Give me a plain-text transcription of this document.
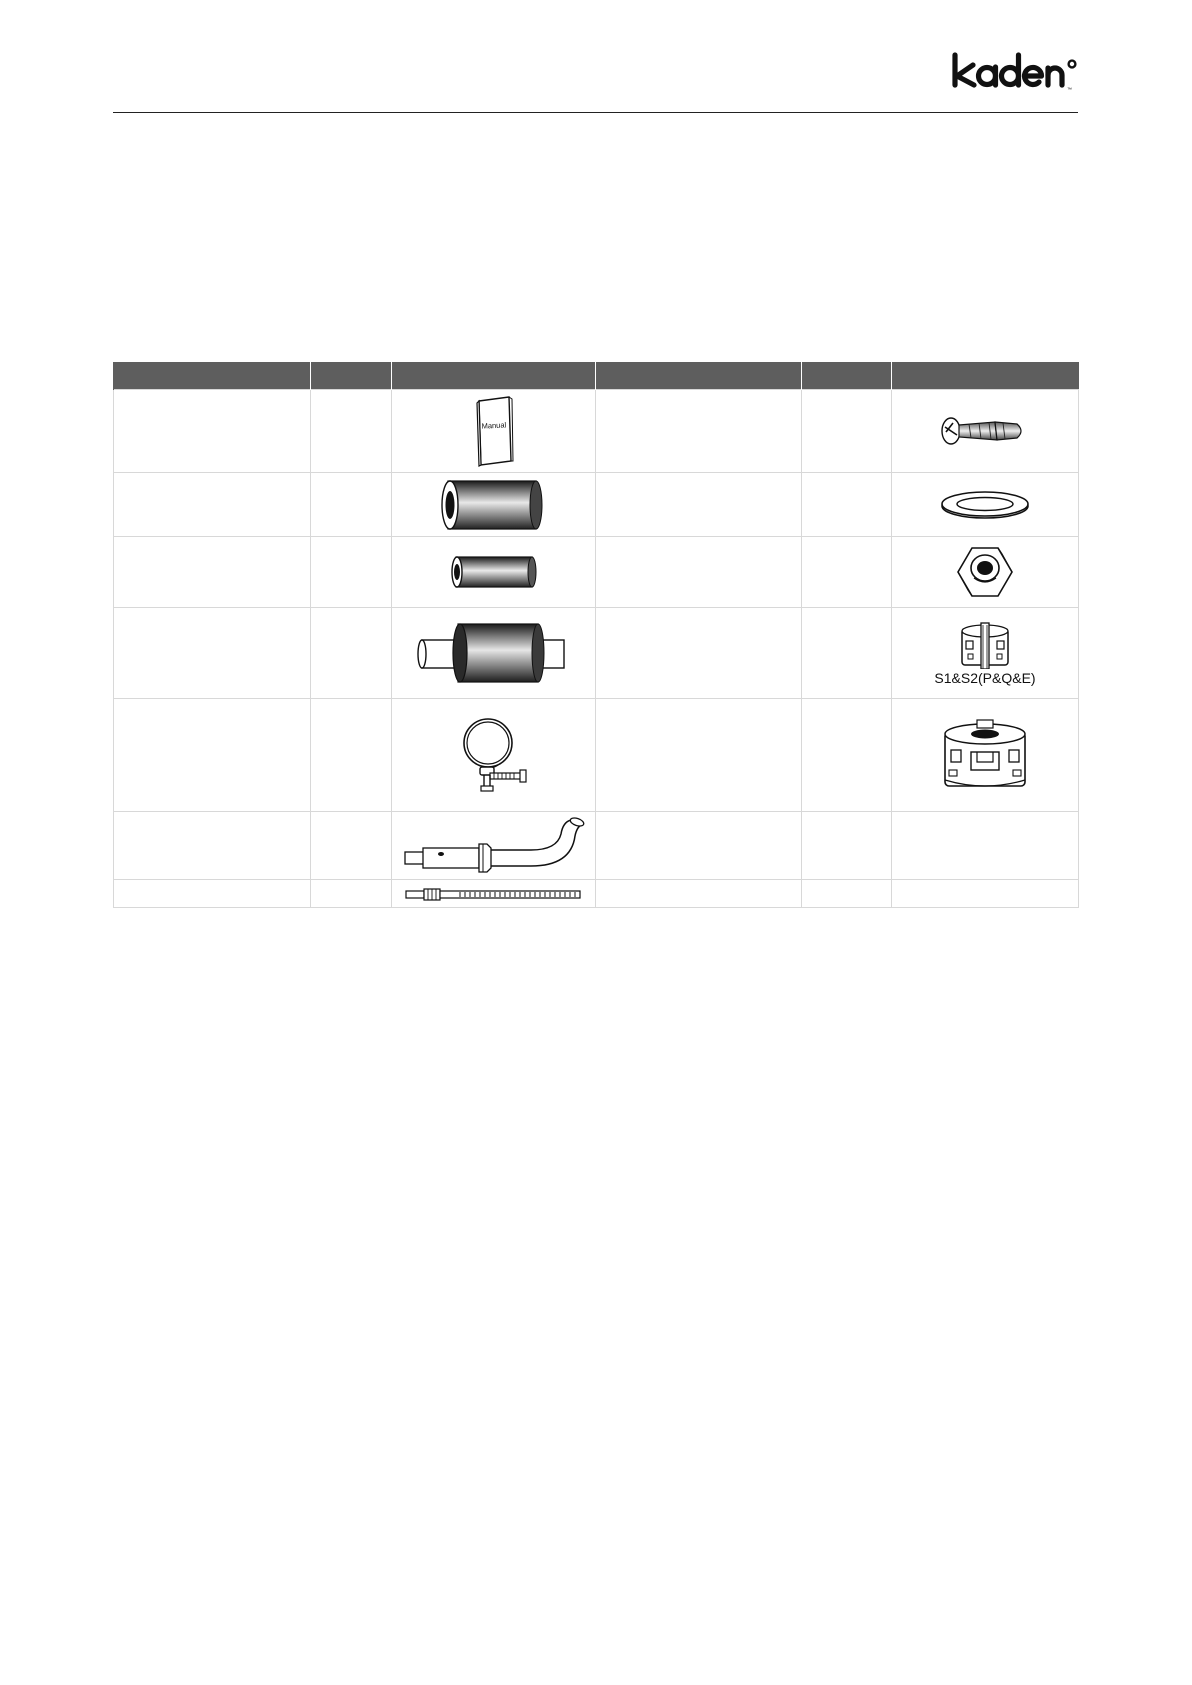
™

Manual

S1&S2(P&Q&E)
